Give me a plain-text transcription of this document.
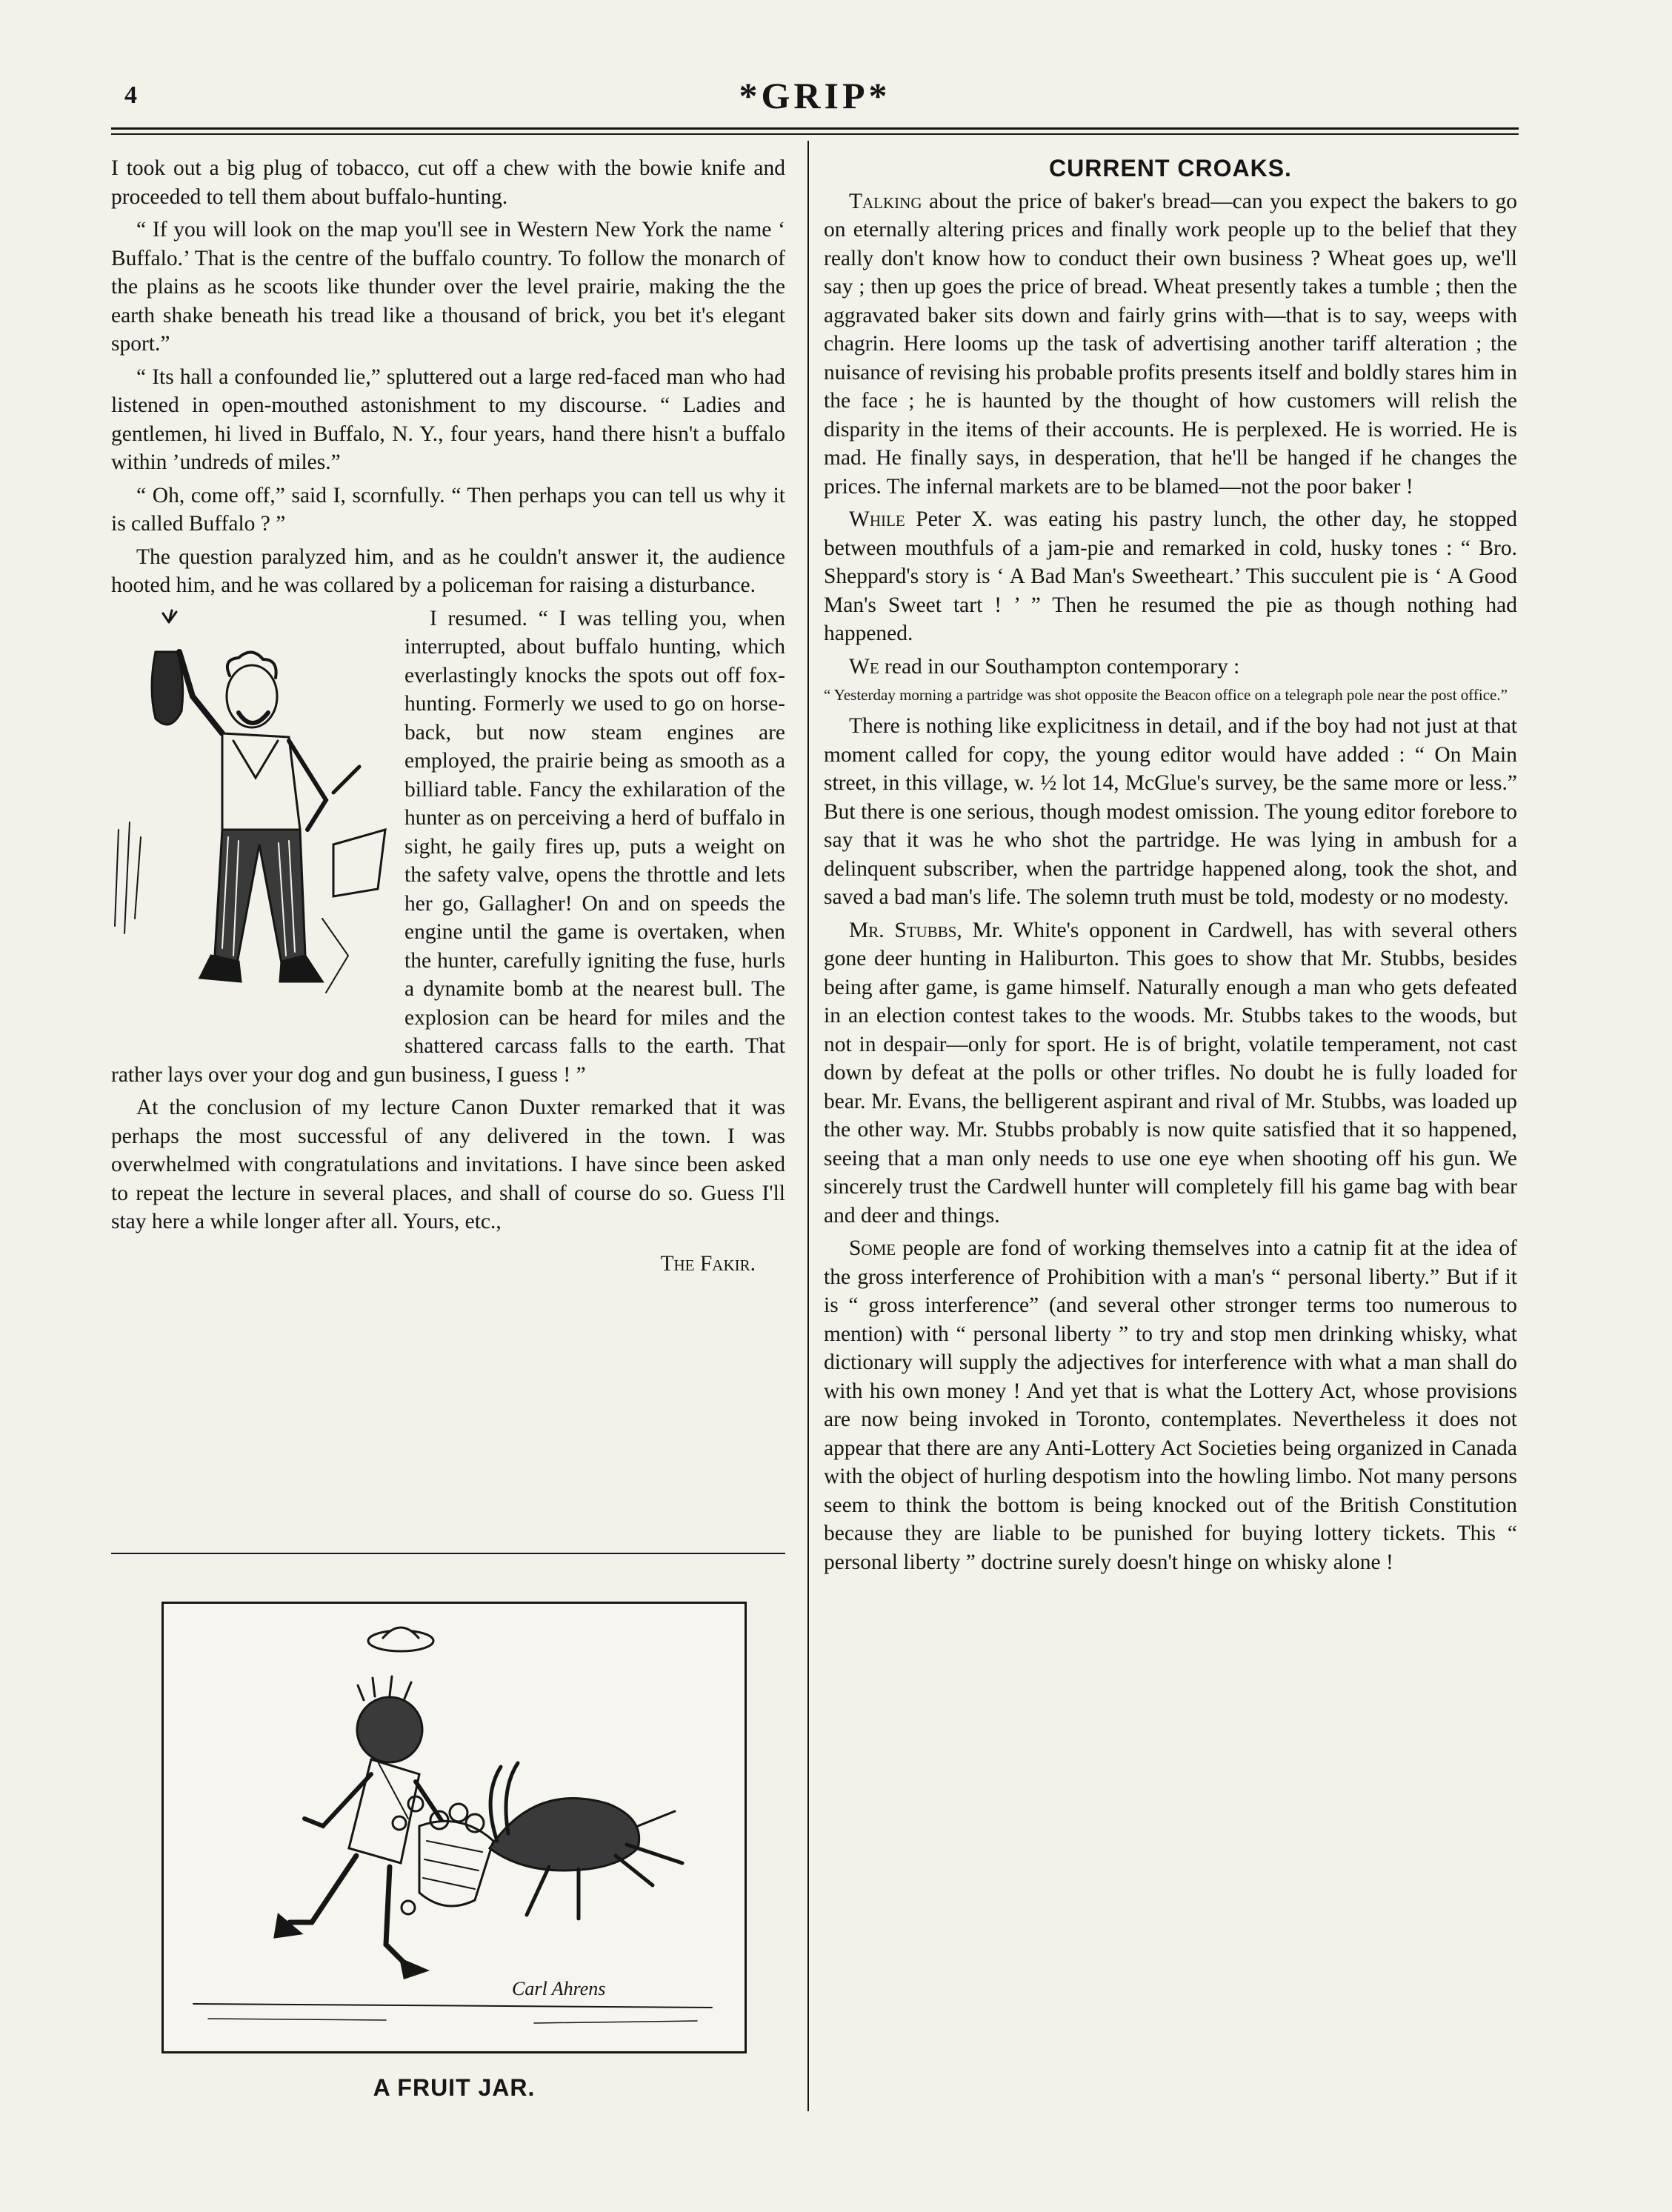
4	*GRIP*

I took out a big plug of tobacco, cut off a chew with the bowie knife and proceeded to tell them about buffalo-hunting.

“ If you will look on the map you'll see in Western New York the name ‘ Buffalo.’ That is the centre of the buffalo country. To follow the monarch of the plains as he scoots like thunder over the level prairie, making the the earth shake beneath his tread like a thousand of brick, you bet it's elegant sport.”

“ Its hall a confounded lie,” spluttered out a large red-faced man who had listened in open-mouthed astonishment to my discourse. “ Ladies and gentlemen, hi lived in Buffalo, N. Y., four years, hand there hisn't a buffalo within ’undreds of miles.”

“ Oh, come off,” said I, scornfully. “ Then perhaps you can tell us why it is called Buffalo ? ”

The question paralyzed him, and as he couldn't answer it, the audience hooted him, and he was collared by a policeman for raising a disturbance.

I resumed. “ I was telling you, when interrupted, about buffalo hunting, which everlastingly knocks the spots out off fox-hunting. Formerly we used to go on horse-back, but now steam engines are employed, the prairie being as smooth as a billiard table. Fancy the exhilaration of the hunter as on perceiving a herd of buffalo in sight, he gaily fires up, puts a weight on the safety valve, opens the throttle and lets her go, Gallagher! On and on speeds the engine until the game is overtaken, when the hunter, carefully igniting the fuse, hurls a dynamite bomb at the nearest bull. The explosion can be heard for miles and the shattered carcass falls to the earth. That rather lays over your dog and gun business, I guess ! ”

At the conclusion of my lecture Canon Duxter remarked that it was perhaps the most successful of any delivered in the town. I was overwhelmed with congratulations and invitations. I have since been asked to repeat the lecture in several places, and shall of course do so. Guess I'll stay here a while longer after all. Yours, etc.,

The Fakir.
Carl Ahrens
A FRUIT JAR.
CURRENT CROAKS.

Talking about the price of baker's bread—can you expect the bakers to go on eternally altering prices and finally work people up to the belief that they really don't know how to conduct their own business ? Wheat goes up, we'll say ; then up goes the price of bread. Wheat presently takes a tumble ; then the aggravated baker sits down and fairly grins with—that is to say, weeps with chagrin. Here looms up the task of advertising another tariff alteration ; the nuisance of revising his probable profits presents itself and boldly stares him in the face ; he is haunted by the thought of how customers will relish the disparity in the items of their accounts. He is perplexed. He is worried. He is mad. He finally says, in desperation, that he'll be hanged if he changes the prices. The infernal markets are to be blamed—not the poor baker !

While Peter X. was eating his pastry lunch, the other day, he stopped between mouthfuls of a jam-pie and remarked in cold, husky tones : “ Bro. Sheppard's story is ‘ A Bad Man's Sweetheart.’ This succulent pie is ‘ A Good Man's Sweet tart ! ’ ” Then he resumed the pie as though nothing had happened.

We read in our Southampton contemporary :

“ Yesterday morning a partridge was shot opposite the Beacon office on a telegraph pole near the post office.”

There is nothing like explicitness in detail, and if the boy had not just at that moment called for copy, the young editor would have added : “ On Main street, in this village, w. ½ lot 14, McGlue's survey, be the same more or less.” But there is one serious, though modest omission. The young editor forebore to say that it was he who shot the partridge. He was lying in ambush for a delinquent subscriber, when the partridge happened along, took the shot, and saved a bad man's life. The solemn truth must be told, modesty or no modesty.

Mr. Stubbs, Mr. White's opponent in Cardwell, has with several others gone deer hunting in Haliburton. This goes to show that Mr. Stubbs, besides being after game, is game himself. Naturally enough a man who gets defeated in an election contest takes to the woods. Mr. Stubbs takes to the woods, but not in despair—only for sport. He is of bright, volatile temperament, not cast down by defeat at the polls or other trifles. No doubt he is fully loaded for bear. Mr. Evans, the belligerent aspirant and rival of Mr. Stubbs, was loaded up the other way. Mr. Stubbs probably is now quite satisfied that it so happened, seeing that a man only needs to use one eye when shooting off his gun. We sincerely trust the Cardwell hunter will completely fill his game bag with bear and deer and things.

Some people are fond of working themselves into a catnip fit at the idea of the gross interference of Prohibition with a man's “ personal liberty.” But if it is “ gross interference” (and several other stronger terms too numerous to mention) with “ personal liberty ” to try and stop men drinking whisky, what dictionary will supply the adjectives for interference with what a man shall do with his own money ! And yet that is what the Lottery Act, whose provisions are now being invoked in Toronto, contemplates. Nevertheless it does not appear that there are any Anti-Lottery Act Societies being organized in Canada with the object of hurling despotism into the howling limbo. Not many persons seem to think the bottom is being knocked out of the British Constitution because they are liable to be punished for buying lottery tickets. This “ personal liberty ” doctrine surely doesn't hinge on whisky alone !
